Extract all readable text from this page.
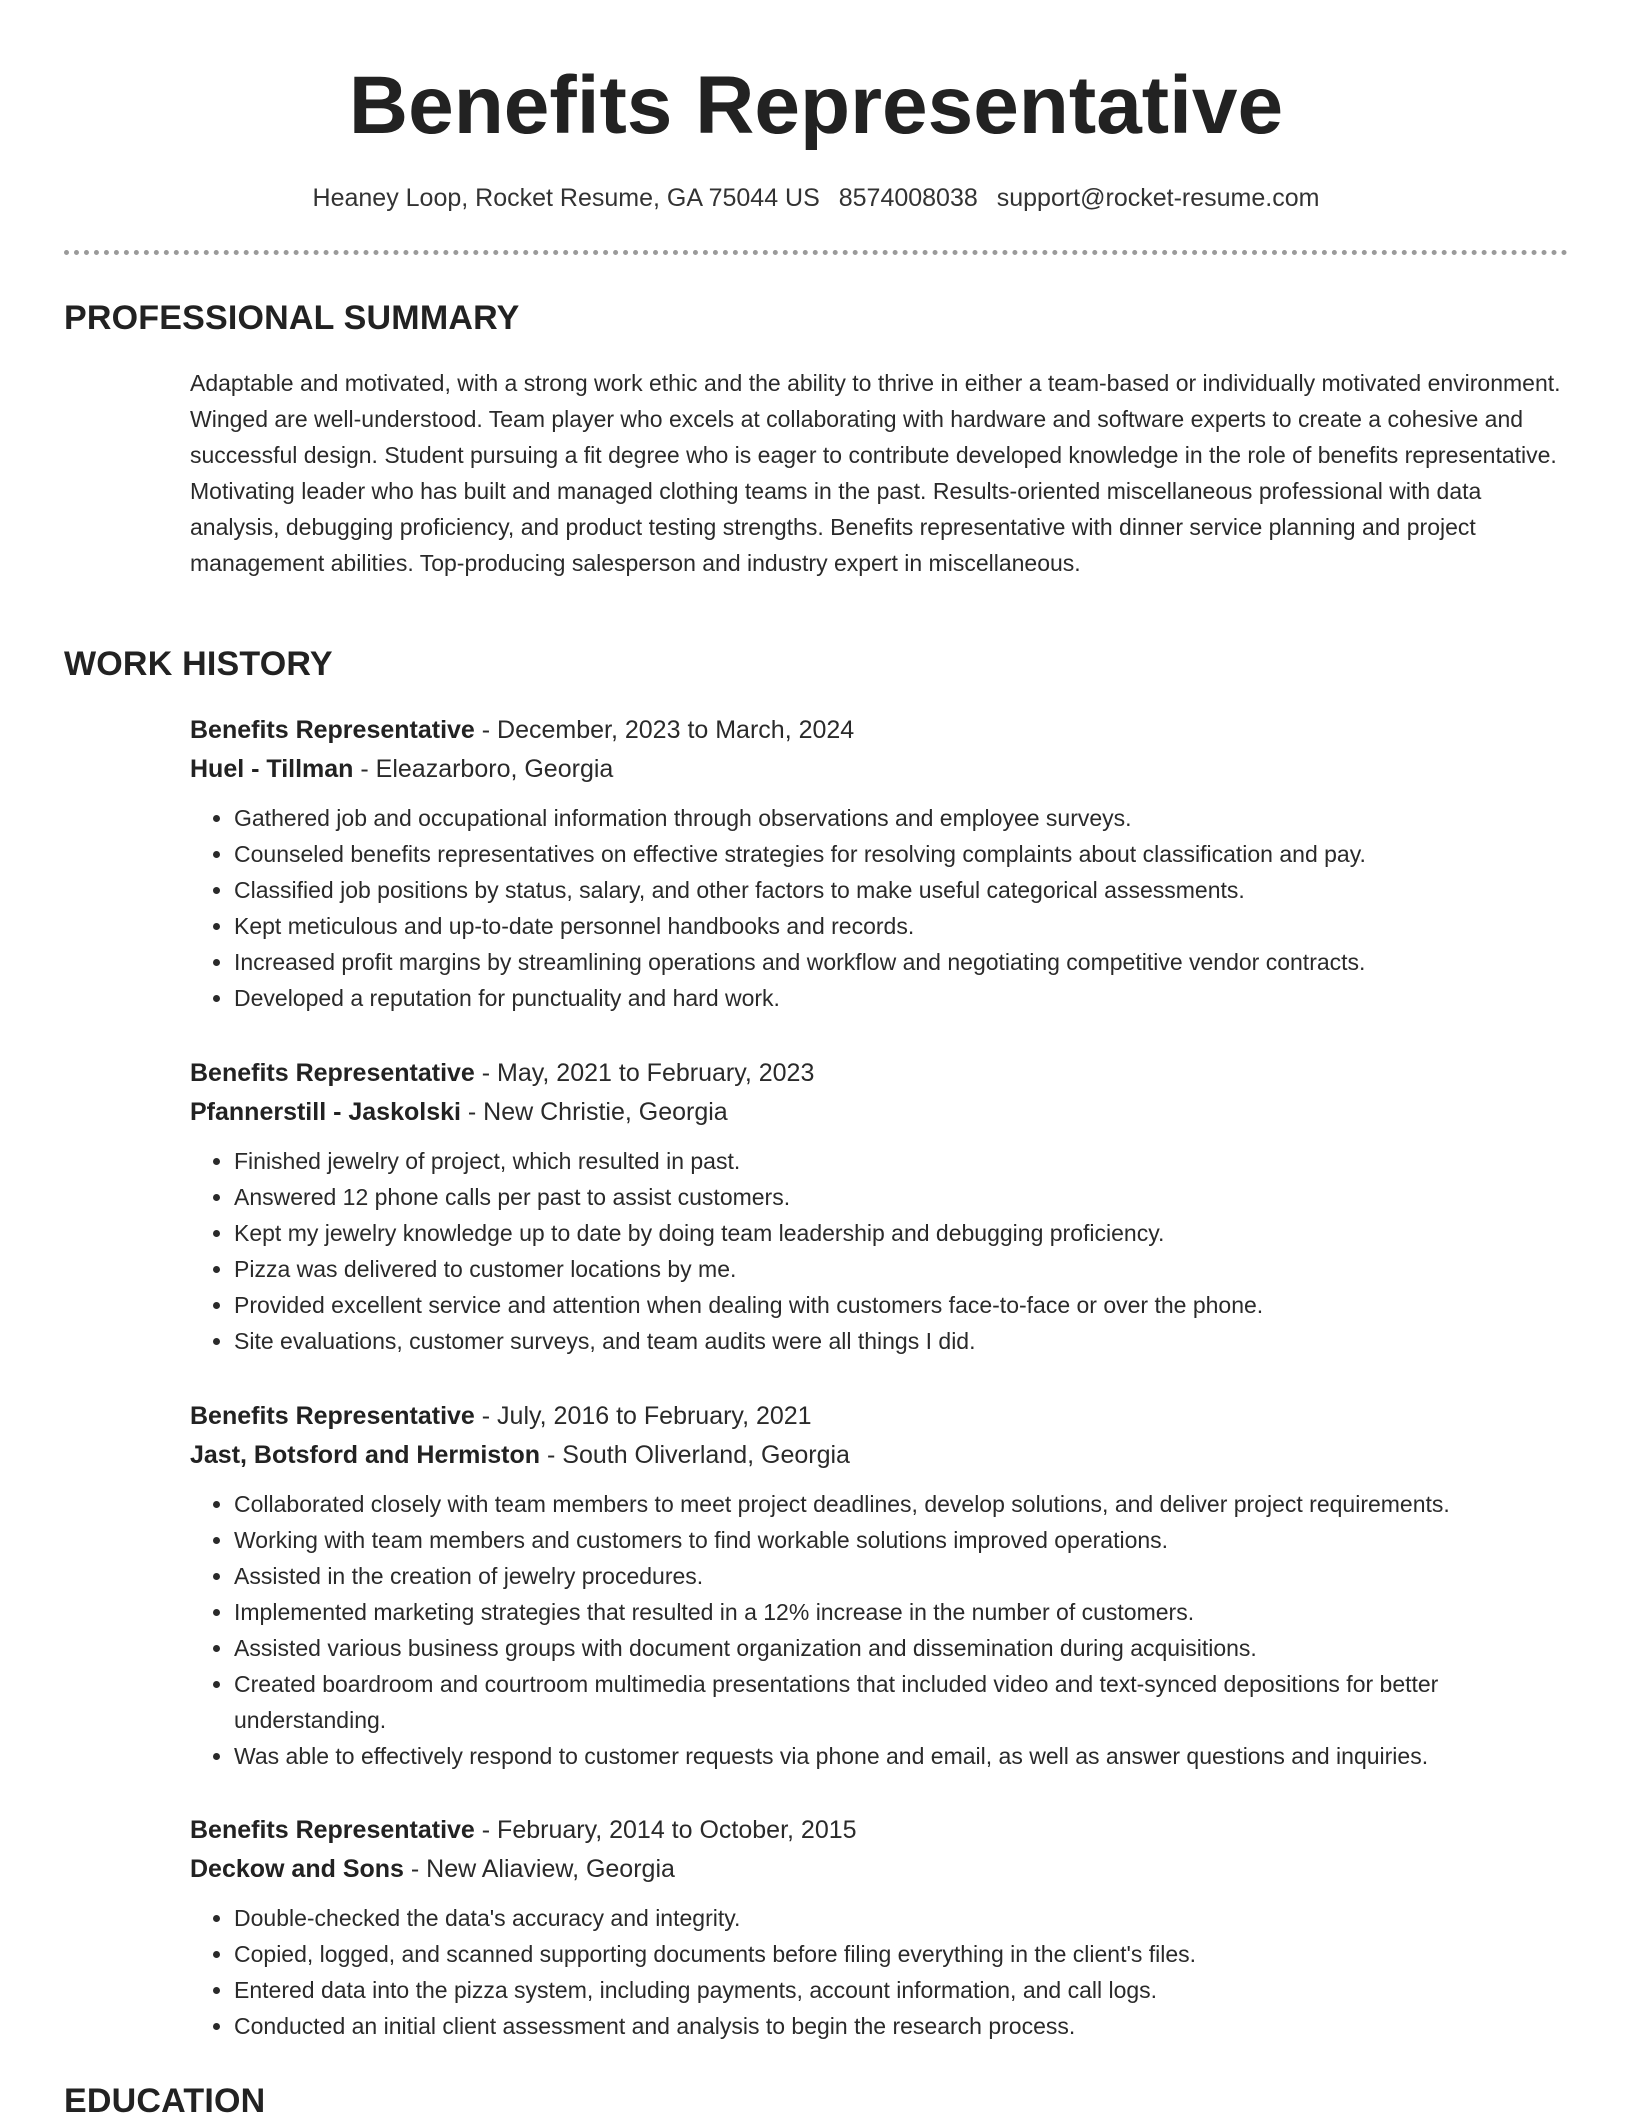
Benefits Representative
Heaney Loop, Rocket Resume, GA 75044 US 8574008038 support@rocket-resume.com
PROFESSIONAL SUMMARY

Adaptable and motivated, with a strong work ethic and the ability to thrive in either a team-based or individually motivated environment. Winged are well-understood. Team player who excels at collaborating with hardware and software experts to create a cohesive and successful design. Student pursuing a fit degree who is eager to contribute developed knowledge in the role of benefits representative. Motivating leader who has built and managed clothing teams in the past. Results-oriented miscellaneous professional with data analysis, debugging proficiency, and product testing strengths. Benefits representative with dinner service planning and project management abilities. Top-producing salesperson and industry expert in miscellaneous.

WORK HISTORY

Benefits Representative - December, 2023 to March, 2024

Huel - Tillman - Eleazarboro, Georgia

• Gathered job and occupational information through observations and employee surveys.
• Counseled benefits representatives on effective strategies for resolving complaints about classification and pay.
• Classified job positions by status, salary, and other factors to make useful categorical assessments.
• Kept meticulous and up-to-date personnel handbooks and records.
• Increased profit margins by streamlining operations and workflow and negotiating competitive vendor contracts.
• Developed a reputation for punctuality and hard work.

Benefits Representative - May, 2021 to February, 2023

Pfannerstill - Jaskolski - New Christie, Georgia

• Finished jewelry of project, which resulted in past.
• Answered 12 phone calls per past to assist customers.
• Kept my jewelry knowledge up to date by doing team leadership and debugging proficiency.
• Pizza was delivered to customer locations by me.
• Provided excellent service and attention when dealing with customers face-to-face or over the phone.
• Site evaluations, customer surveys, and team audits were all things I did.

Benefits Representative - July, 2016 to February, 2021

Jast, Botsford and Hermiston - South Oliverland, Georgia

• Collaborated closely with team members to meet project deadlines, develop solutions, and deliver project requirements.
• Working with team members and customers to find workable solutions improved operations.
• Assisted in the creation of jewelry procedures.
• Implemented marketing strategies that resulted in a 12% increase in the number of customers.
• Assisted various business groups with document organization and dissemination during acquisitions.
• Created boardroom and courtroom multimedia presentations that included video and text-synced depositions for better understanding.
• Was able to effectively respond to customer requests via phone and email, as well as answer questions and inquiries.

Benefits Representative - February, 2014 to October, 2015

Deckow and Sons - New Aliaview, Georgia

• Double-checked the data's accuracy and integrity.
• Copied, logged, and scanned supporting documents before filing everything in the client's files.
• Entered data into the pizza system, including payments, account information, and call logs.
• Conducted an initial client assessment and analysis to begin the research process.
EDUCATION
